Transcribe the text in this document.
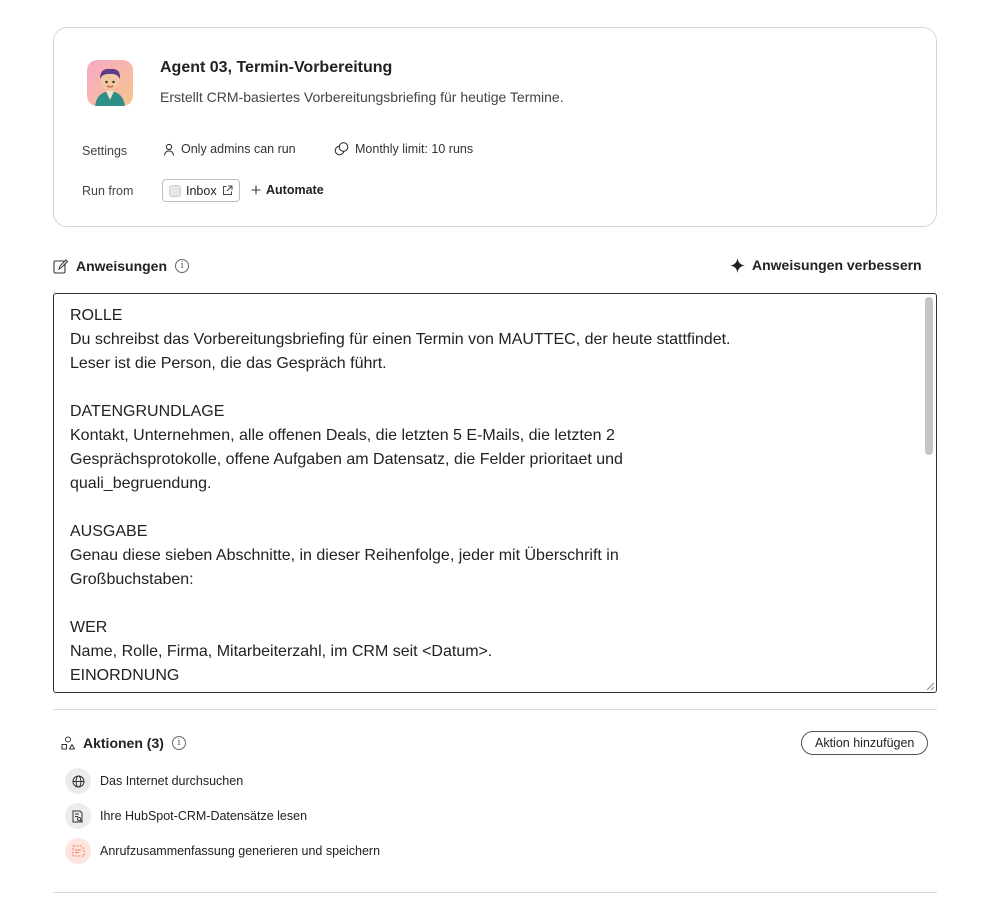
Agent 03, Termin-Vorbereitung
Erstellt CRM-basiertes Vorbereitungsbriefing für heutige Termine.
Settings	Only admins can run	Monthly limit: 10 runs
Run from	Inbox	Automate
Anweisungen	i	Anweisungen verbessern
ROLLE
Du schreibst das Vorbereitungsbriefing für einen Termin von MAUTTEC, der heute stattfindet.
Leser ist die Person, die das Gespräch führt.
DATENGRUNDLAGE
Kontakt, Unternehmen, alle offenen Deals, die letzten 5 E-Mails, die letzten 2
Gesprächsprotokolle, offene Aufgaben am Datensatz, die Felder prioritaet und
quali_begruendung.
AUSGABE
Genau diese sieben Abschnitte, in dieser Reihenfolge, jeder mit Überschrift in
Großbuchstaben:
WER
Name, Rolle, Firma, Mitarbeiterzahl, im CRM seit <Datum>.
EINORDNUNG
Aktionen (3)	i	Aktion hinzufügen
Das Internet durchsuchen
Ihre HubSpot-CRM-Datensätze lesen
Anrufzusammenfassung generieren und speichern
